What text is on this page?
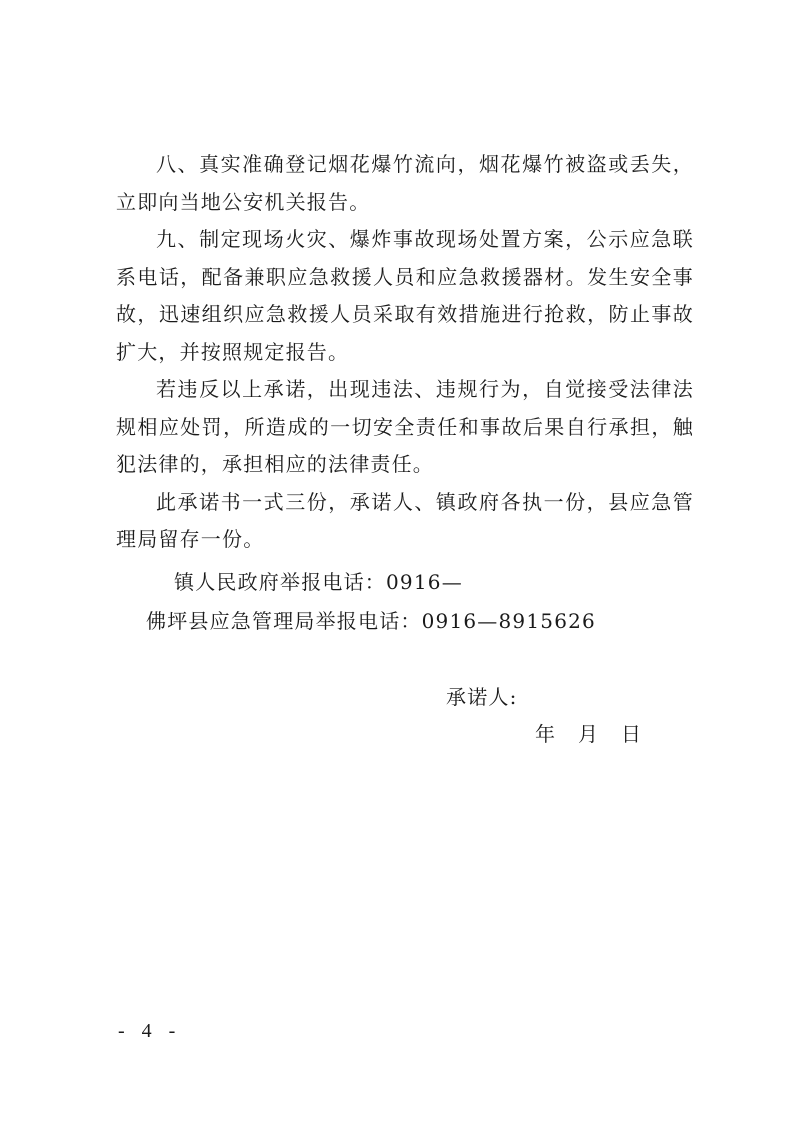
八、真实准确登记烟花爆竹流向，烟花爆竹被盗或丢失，立即向当地公安机关报告。

九、制定现场火灾、爆炸事故现场处置方案，公示应急联系电话，配备兼职应急救援人员和应急救援器材。发生安全事故，迅速组织应急救援人员采取有效措施进行抢救，防止事故扩大，并按照规定报告。

若违反以上承诺，出现违法、违规行为，自觉接受法律法规相应处罚，所造成的一切安全责任和事故后果自行承担，触犯法律的，承担相应的法律责任。

此承诺书一式三份，承诺人、镇政府各执一份，县应急管理局留存一份。

镇人民政府举报电话：0916—
佛坪县应急管理局举报电话：0916—8915626
承诺人:
年 月 日
- 4 -
